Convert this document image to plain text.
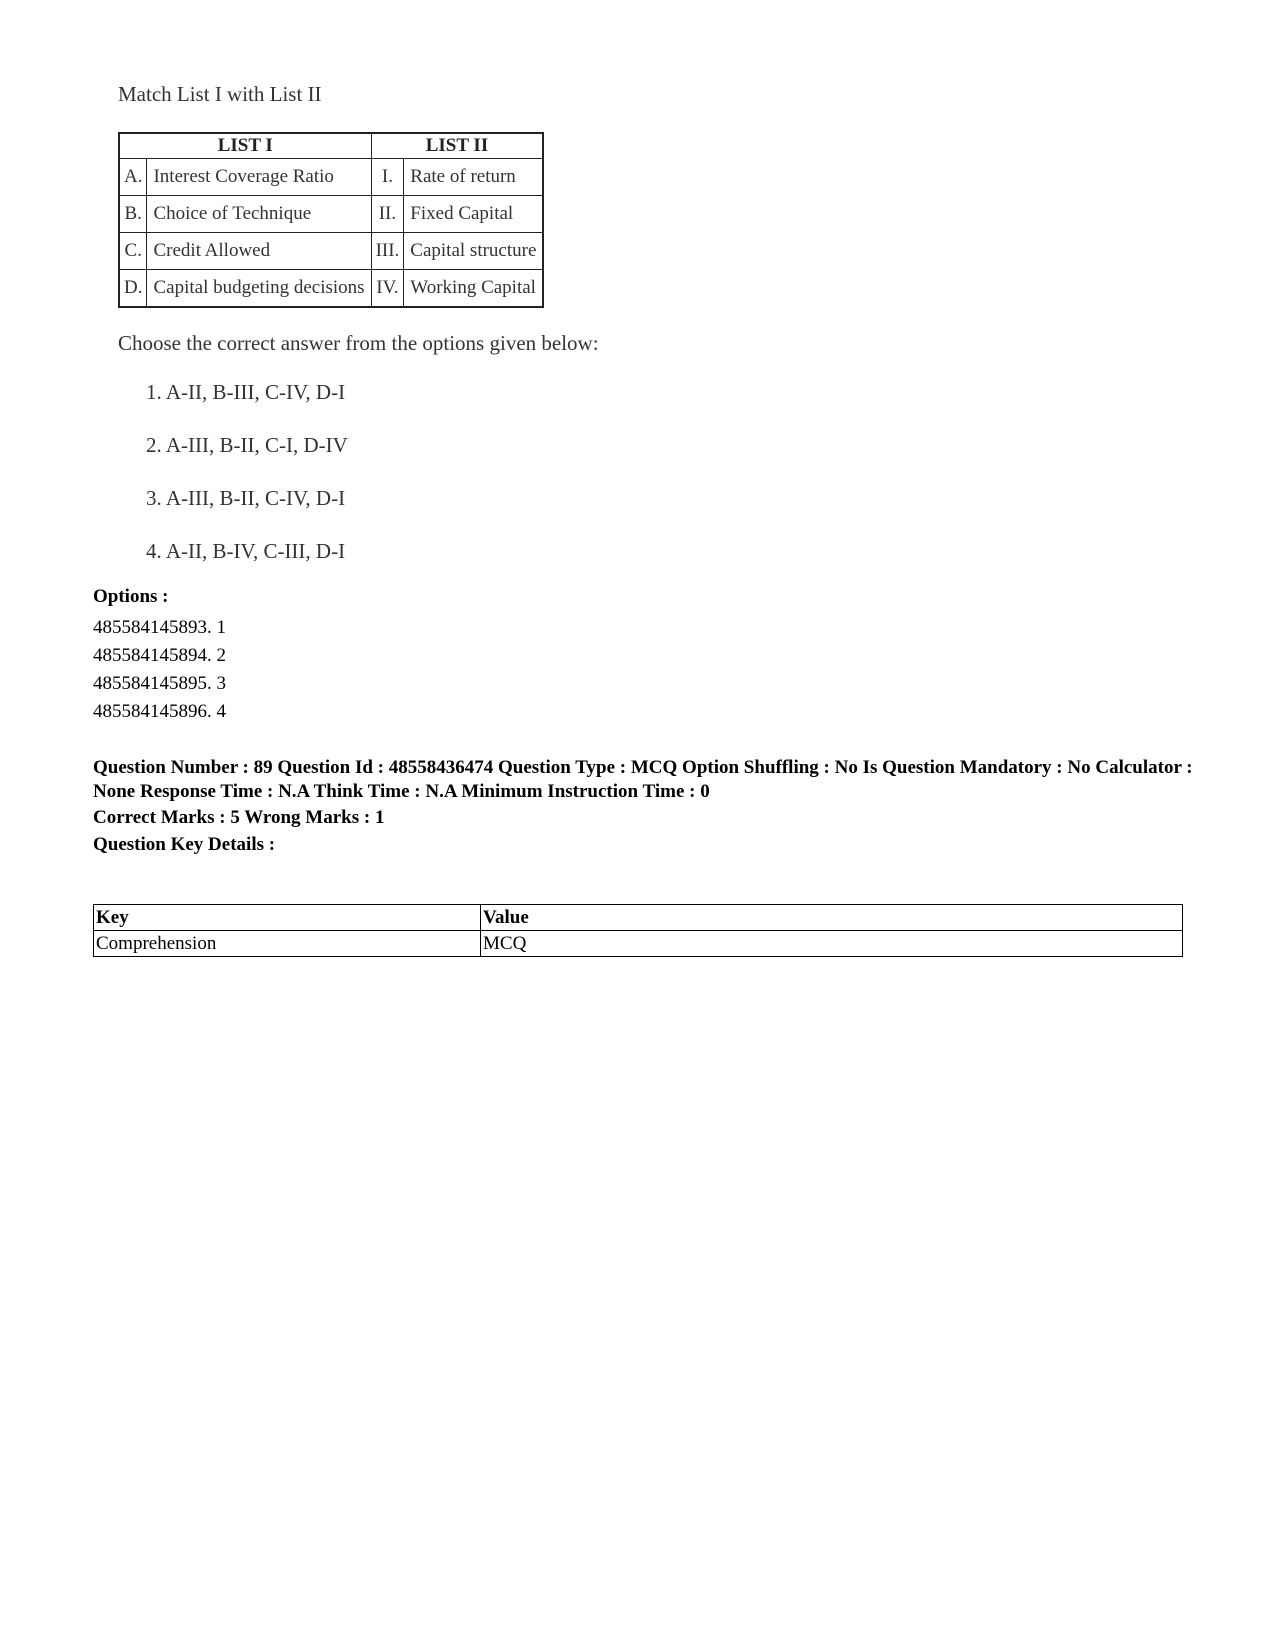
Match List I with List II

LIST I		LIST II	
A.	Interest Coverage Ratio	I.	Rate of return
B.	Choice of Technique	II.	Fixed Capital
C.	Credit Allowed	III.	Capital structure
D.	Capital budgeting decisions	IV.	Working Capital

Choose the correct answer from the options given below:

1. A-II, B-III, C-IV, D-I
2. A-III, B-II, C-I, D-IV
3. A-III, B-II, C-IV, D-I
4. A-II, B-IV, C-III, D-I

Options :

485584145893. 1
485584145894. 2
485584145895. 3
485584145896. 4

Question Number : 89 Question Id : 48558436474 Question Type : MCQ Option Shuffling : No Is Question Mandatory : No Calculator : None Response Time : N.A Think Time : N.A Minimum Instruction Time : 0

Correct Marks : 5 Wrong Marks : 1

Question Key Details :

Key	Value
Comprehension	MCQ
